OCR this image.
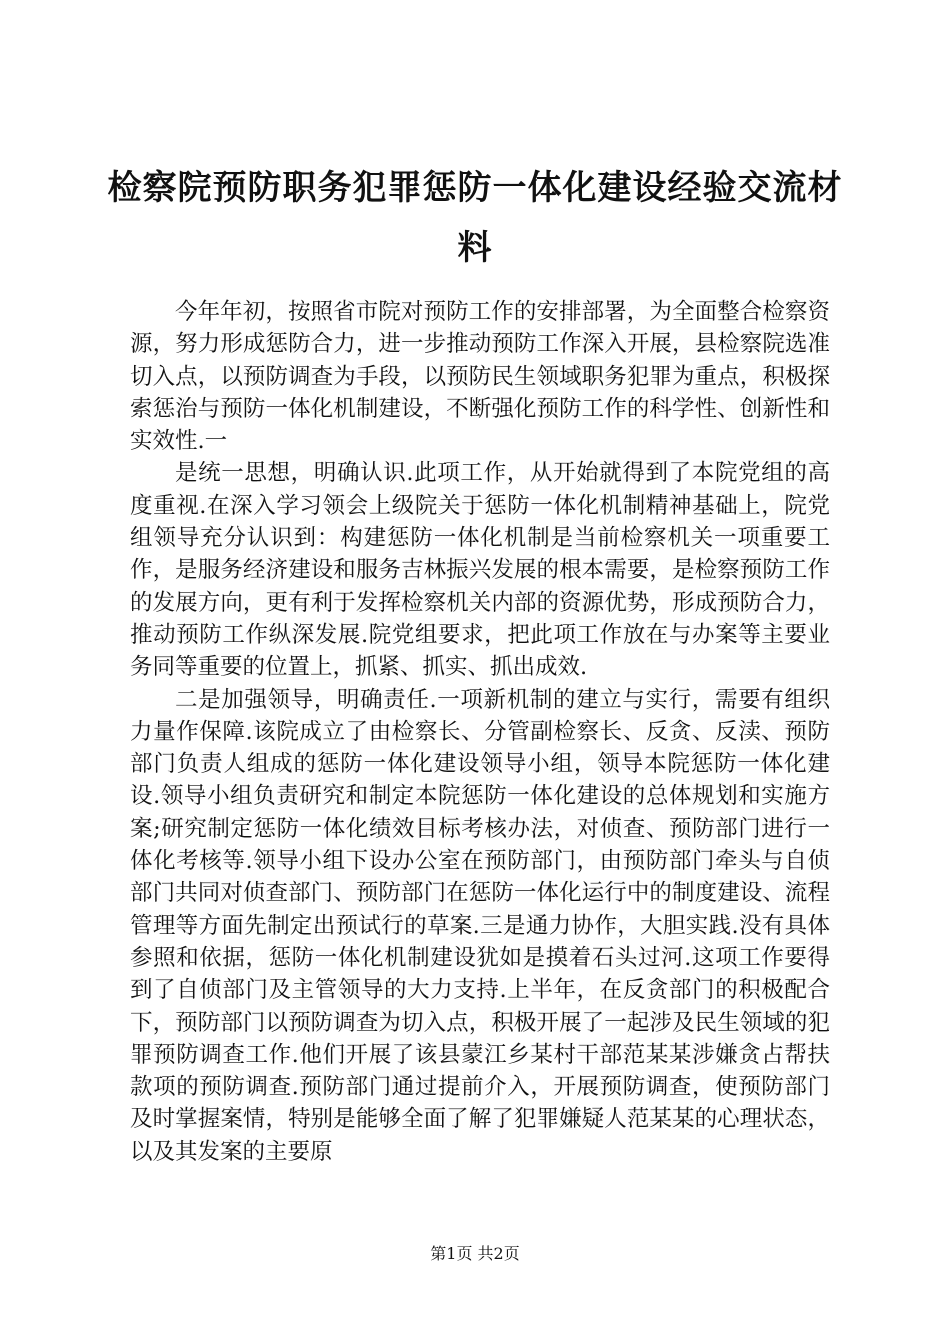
检察院预防职务犯罪惩防一体化建设经验交流材料

今年年初，按照省市院对预防工作的安排部署，为全面整合检察资源，努力形成惩防合力，进一步推动预防工作深入开展，县检察院选准切入点，以预防调查为手段，以预防民生领域职务犯罪为重点，积极探索惩治与预防一体化机制建设，不断强化预防工作的科学性、创新性和实效性.一

是统一思想，明确认识.此项工作，从开始就得到了本院党组的高度重视.在深入学习领会上级院关于惩防一体化机制精神基础上，院党组领导充分认识到：构建惩防一体化机制是当前检察机关一项重要工作，是服务经济建设和服务吉林振兴发展的根本需要，是检察预防工作的发展方向，更有利于发挥检察机关内部的资源优势，形成预防合力，推动预防工作纵深发展.院党组要求，把此项工作放在与办案等主要业务同等重要的位置上，抓紧、抓实、抓出成效.

二是加强领导，明确责任.一项新机制的建立与实行，需要有组织力量作保障.该院成立了由检察长、分管副检察长、反贪、反渎、预防部门负责人组成的惩防一体化建设领导小组，领导本院惩防一体化建设.领导小组负责研究和制定本院惩防一体化建设的总体规划和实施方案;研究制定惩防一体化绩效目标考核办法，对侦查、预防部门进行一体化考核等.领导小组下设办公室在预防部门，由预防部门牵头与自侦部门共同对侦查部门、预防部门在惩防一体化运行中的制度建设、流程管理等方面先制定出预试行的草案.三是通力协作，大胆实践.没有具体参照和依据，惩防一体化机制建设犹如是摸着石头过河.这项工作要得到了自侦部门及主管领导的大力支持.上半年，在反贪部门的积极配合下，预防部门以预防调查为切入点，积极开展了一起涉及民生领域的犯罪预防调查工作.他们开展了该县蒙江乡某村干部范某某涉嫌贪占帮扶款项的预防调查.预防部门通过提前介入，开展预防调查，使预防部门及时掌握案情，特别是能够全面了解了犯罪嫌疑人范某某的心理状态，以及其发案的主要原

第1页 共2页
